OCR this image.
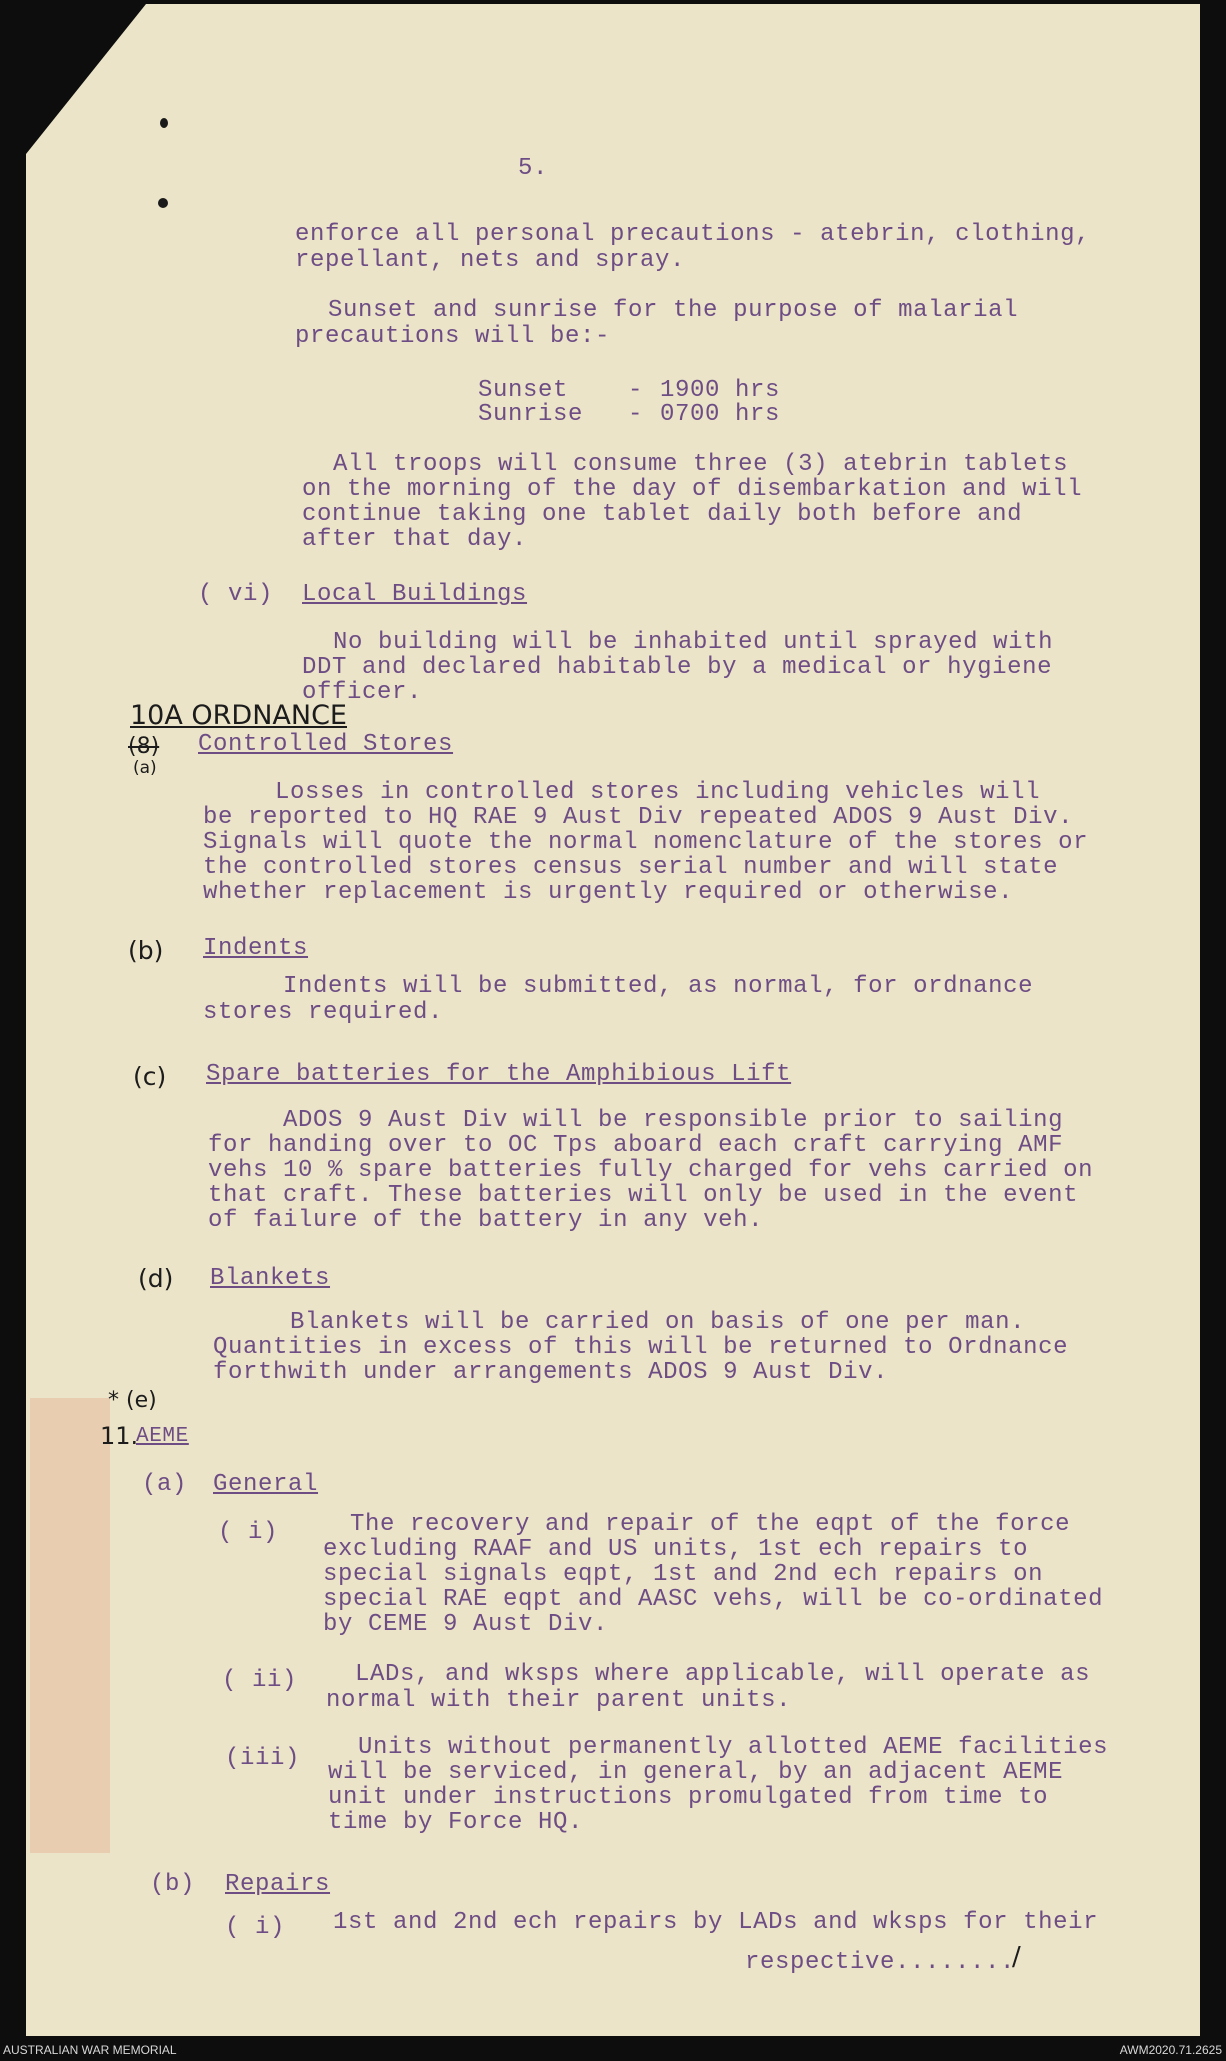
5.
enforce all personal precautions - atebrin, clothing,
repellant, nets and spray.
Sunset and sunrise for the purpose of malarial
precautions will be:-
Sunset - 1900 hrs
Sunrise - 0700 hrs
All troops will consume three (3) atebrin tablets
on the morning of the day of disembarkation and will
continue taking one tablet daily both before and
after that day.
( vi) Local Buildings
No building will be inhabited until sprayed with
DDT and declared habitable by a medical or hygiene
officer.
10A ORDNANCE
(8)
(a)
Controlled Stores
Losses in controlled stores including vehicles will
be reported to HQ RAE 9 Aust Div repeated ADOS 9 Aust Div.
Signals will quote the normal nomenclature of the stores or
the controlled stores census serial number and will state
whether replacement is urgently required or otherwise.
(b) Indents
Indents will be submitted, as normal, for ordnance
stores required.
(c) Spare batteries for the Amphibious Lift
ADOS 9 Aust Div will be responsible prior to sailing
for handing over to OC Tps aboard each craft carrying AMF
vehs 10 % spare batteries fully charged for vehs carried on
that craft. These batteries will only be used in the event
of failure of the battery in any veh.
(d) Blankets
Blankets will be carried on basis of one per man.
Quantities in excess of this will be returned to Ordnance
forthwith under arrangements ADOS 9 Aust Div.
* (e)
11.
AEME
(a) General
( i)	The recovery and repair of the eqpt of the force
excluding RAAF and US units, 1st ech repairs to
special signals eqpt, 1st and 2nd ech repairs on
special RAE eqpt and AASC vehs, will be co-ordinated
by CEME 9 Aust Div.
( ii) LADs, and wksps where applicable, will operate as
normal with their parent units.
(iii) Units without permanently allotted AEME facilities
will be serviced, in general, by an adjacent AEME
unit under instructions promulgated from time to
time by Force HQ.
(b) Repairs
( i) 1st and 2nd ech repairs by LADs and wksps for their
respective........
/
AUSTRALIAN WAR MEMORIAL	AWM2020.71.2625
